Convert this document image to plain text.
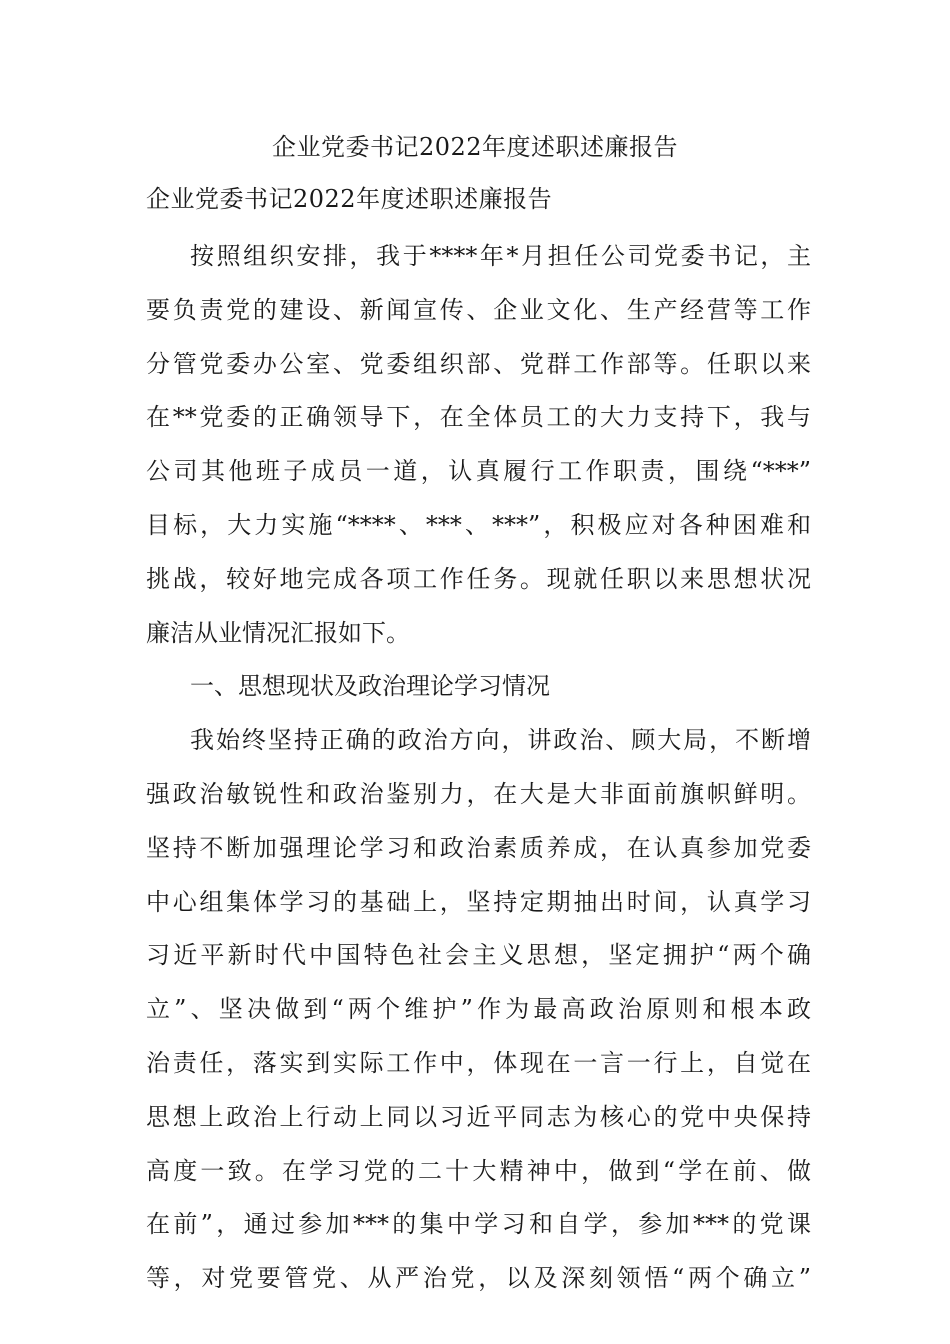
企业党委书记2022年度述职述廉报告
企业党委书记2022年度述职述廉报告
按照组织安排，我于****年*月担任公司党委书记，主
要负责党的建设、新闻宣传、企业文化、生产经营等工作
分管党委办公室、党委组织部、党群工作部等。任职以来
在**党委的正确领导下，在全体员工的大力支持下，我与
公司其他班子成员一道，认真履行工作职责，围绕“***”
目标，大力实施“****、***、***”，积极应对各种困难和
挑战，较好地完成各项工作任务。现就任职以来思想状况
廉洁从业情况汇报如下。
一、思想现状及政治理论学习情况
我始终坚持正确的政治方向，讲政治、顾大局，不断增
强政治敏锐性和政治鉴别力，在大是大非面前旗帜鲜明。
坚持不断加强理论学习和政治素质养成，在认真参加党委
中心组集体学习的基础上，坚持定期抽出时间，认真学习
习近平新时代中国特色社会主义思想，坚定拥护“两个确
立”、坚决做到“两个维护”作为最高政治原则和根本政
治责任，落实到实际工作中，体现在一言一行上，自觉在
思想上政治上行动上同以习近平同志为核心的党中央保持
高度一致。在学习党的二十大精神中，做到“学在前、做
在前”，通过参加***的集中学习和自学，参加***的党课
等，对党要管党、从严治党，以及深刻领悟“两个确立”
